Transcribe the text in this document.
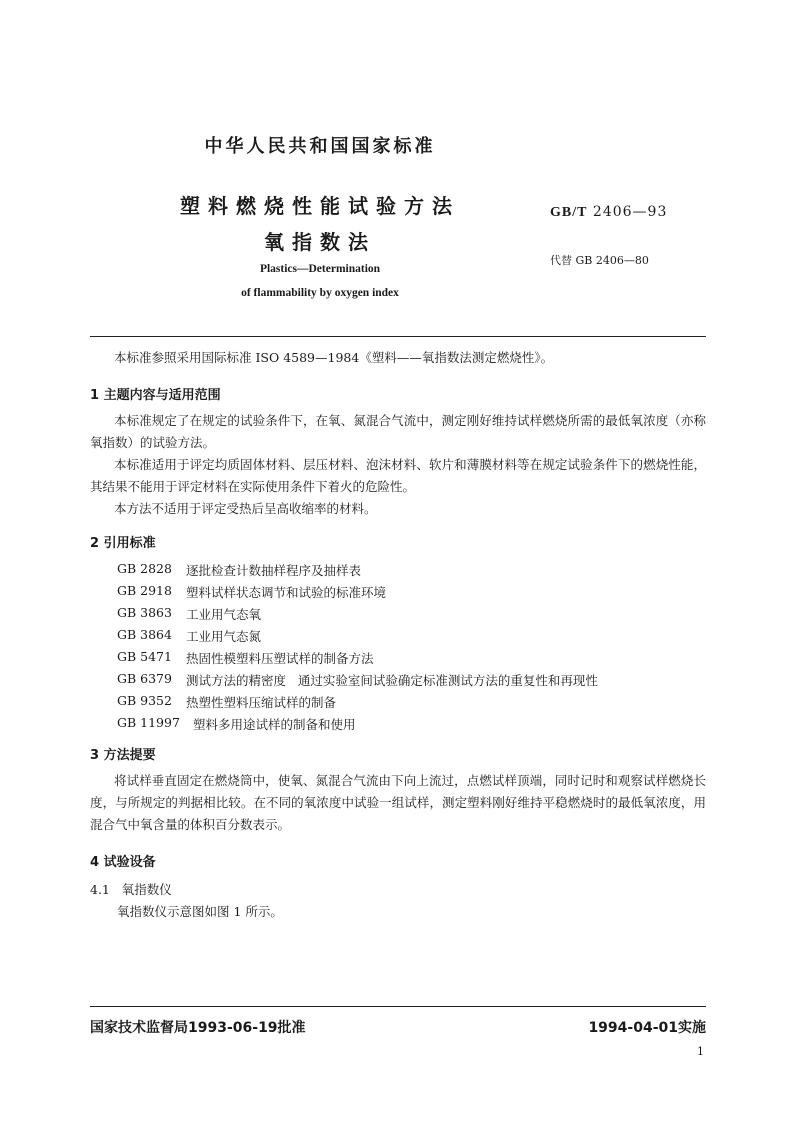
中华人民共和国国家标准
塑料燃烧性能试验方法
氧指数法
Plastics—Determination
of flammability by oxygen index
GB/T 2406—93
代替 GB 2406—80
本标准参照采用国际标准 ISO 4589—1984《塑料——氧指数法测定燃烧性》。
1 主题内容与适用范围
本标准规定了在规定的试验条件下，在氧、氮混合气流中，测定刚好维持试样燃烧所需的最低氧浓度（亦称氧指数）的试验方法。
本标准适用于评定均质固体材料、层压材料、泡沫材料、软片和薄膜材料等在规定试验条件下的燃烧性能，其结果不能用于评定材料在实际使用条件下着火的危险性。
本方法不适用于评定受热后呈高收缩率的材料。
2 引用标准
GB 2828 逐批检查计数抽样程序及抽样表
GB 2918 塑料试样状态调节和试验的标准环境
GB 3863 工业用气态氧
GB 3864 工业用气态氮
GB 5471 热固性模塑料压塑试样的制备方法
GB 6379 测试方法的精密度   通过实验室间试验确定标准测试方法的重复性和再现性
GB 9352 热塑性塑料压缩试样的制备
GB 11997 塑料多用途试样的制备和使用
3 方法提要
将试样垂直固定在燃烧筒中，使氧、氮混合气流由下向上流过，点燃试样顶端，同时记时和观察试样燃烧长度，与所规定的判据相比较。在不同的氧浓度中试验一组试样，测定塑料刚好维持平稳燃烧时的最低氧浓度，用混合气中氧含量的体积百分数表示。
4 试验设备
4.1   氧指数仪
氧指数仪示意图如图 1 所示。
国家技术监督局1993-06-19批准	1994-04-01实施
1
